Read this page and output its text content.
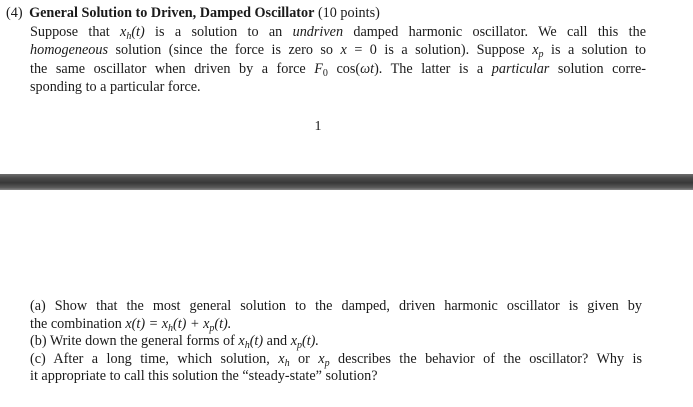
(4) General Solution to Driven, Damped Oscillator (10 points)
Suppose that $x_h(t)$ is a solution to an undriven damped harmonic oscillator. We call this the
homogeneous solution (since the force is zero so x = 0 is a solution). Suppose $x_p$ is a solution to
the same oscillator when driven by a force $F_0$ cos(ωt). The latter is a particular solution corre-
sponding to a particular force.
1
(a) Show that the most general solution to the damped, driven harmonic oscillator is given by
the combination $x(t) = x_h(t) + x_p(t)$.
(b) Write down the general forms of $x_h(t)$ and $x_p(t)$.
(c) After a long time, which solution, $x_h$ or $x_p$ describes the behavior of the oscillator? Why is
it appropriate to call this solution the “steady-state” solution?
